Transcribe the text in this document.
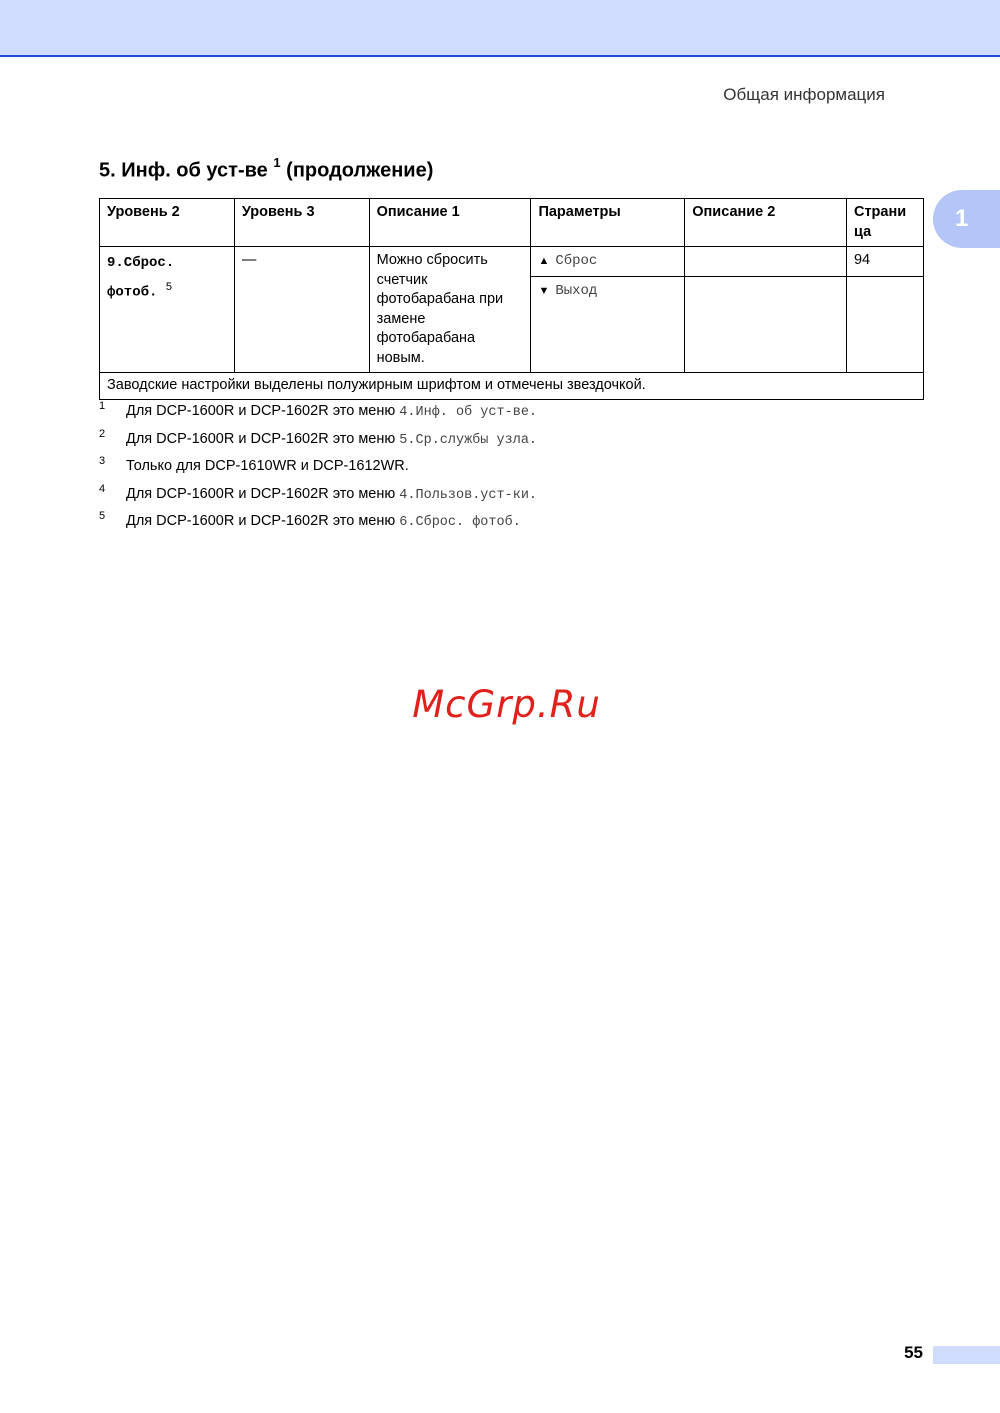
Общая информация
1
5. Инф. об уст-ве $^1$ (продолжение)
Уровень 2	Уровень 3	Описание 1	Параметры	Описание 2	Страни ца
9.Сброс. фотоб. $^5$	—	Можно сбросить счетчик фотобарабана при замене фотобарабана новым.	▲ Сброс		94
			▼ Выход		
Заводские настройки выделены полужирным шрифтом и отмечены звездочкой.					
1 Для DCP-1600R и DCP-1602R это меню 4.Инф. об уст-ве.
2 Для DCP-1600R и DCP-1602R это меню 5.Ср.службы узла.
3 Только для DCP-1610WR и DCP-1612WR.
4 Для DCP-1600R и DCP-1602R это меню 4.Пользов.уст-ки.
5 Для DCP-1600R и DCP-1602R это меню 6.Сброс. фотоб.
McGrp.Ru
55
